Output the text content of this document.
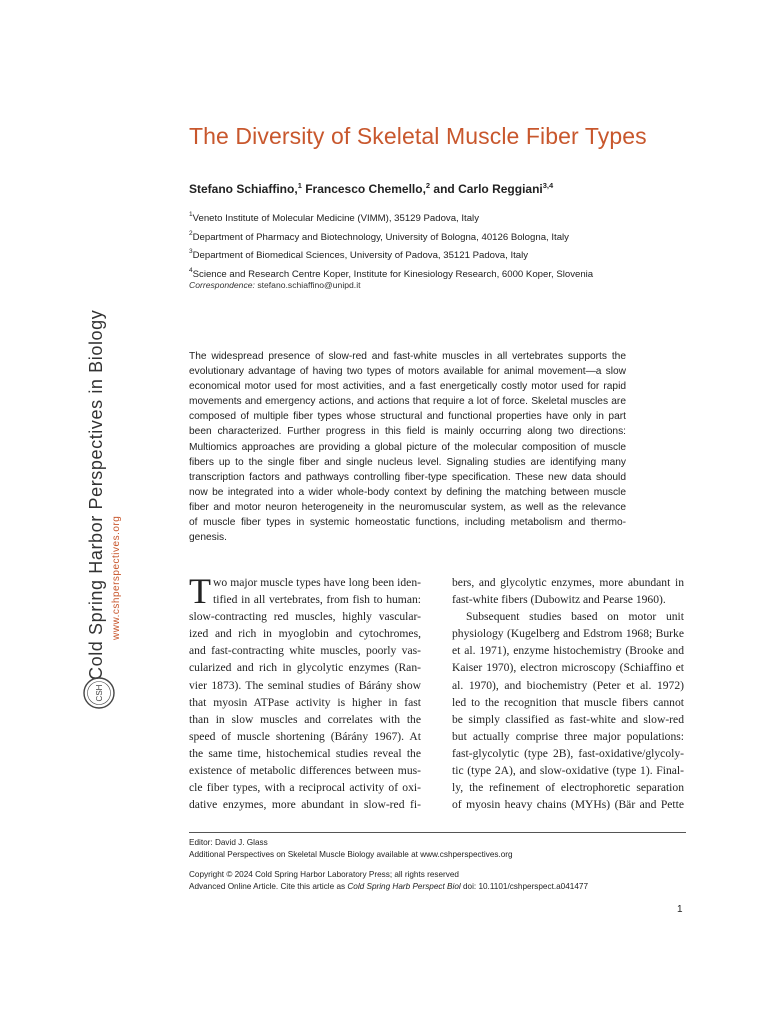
Cold Spring Harbor Perspectives in Biology www.cshperspectives.org
CSH
The Diversity of Skeletal Muscle Fiber Types
Stefano Schiaffino,$^1$ Francesco Chemello,$^2$ and Carlo Reggiani$^{3,4}$
$^1$Veneto Institute of Molecular Medicine (VIMM), 35129 Padova, Italy
$^2$Department of Pharmacy and Biotechnology, University of Bologna, 40126 Bologna, Italy
$^3$Department of Biomedical Sciences, University of Padova, 35121 Padova, Italy
$^4$Science and Research Centre Koper, Institute for Kinesiology Research, 6000 Koper, Slovenia
Correspondence: stefano.schiaffino@unipd.it
The widespread presence of slow-red and fast-white muscles in all vertebrates supports the
evolutionary advantage of having two types of motors available for animal movement—a slow
economical motor used for most activities, and a fast energetically costly motor used for rapid
movements and emergency actions, and actions that require a lot of force. Skeletal muscles are
composed of multiple fiber types whose structural and functional properties have only in part
been characterized. Further progress in this field is mainly occurring along two directions:
Multiomics approaches are providing a global picture of the molecular composition of muscle
fibers up to the single fiber and single nucleus level. Signaling studies are identifying many
transcription factors and pathways controlling fiber-type specification. These new data should
now be integrated into a wider whole-body context by defining the matching between muscle
fiber and motor neuron heterogeneity in the neuromuscular system, as well as the relevance
of muscle fiber types in systemic homeostatic functions, including metabolism and thermo-
genesis.
T wo major muscle types have long been iden-
tified in all vertebrates, from fish to human:
slow-contracting red muscles, highly vascular-
ized and rich in myoglobin and cytochromes,
and fast-contracting white muscles, poorly vas-
cularized and rich in glycolytic enzymes (Ran-
vier 1873). The seminal studies of Bárány show
that myosin ATPase activity is higher in fast
than in slow muscles and correlates with the
speed of muscle shortening (Bárány 1967). At
the same time, histochemical studies reveal the
existence of metabolic differences between mus-
cle fiber types, with a reciprocal activity of oxi-
dative enzymes, more abundant in slow-red fi-
bers, and glycolytic enzymes, more abundant in
fast-white fibers (Dubowitz and Pearse 1960).
Subsequent studies based on motor unit
physiology (Kugelberg and Edstrom 1968; Burke
et al. 1971), enzyme histochemistry (Brooke and
Kaiser 1970), electron microscopy (Schiaffino et
al. 1970), and biochemistry (Peter et al. 1972)
led to the recognition that muscle fibers cannot
be simply classified as fast-white and slow-red
but actually comprise three major populations:
fast-glycolytic (type 2B), fast-oxidative/glycoly-
tic (type 2A), and slow-oxidative (type 1). Final-
ly, the refinement of electrophoretic separation
of myosin heavy chains (MYHs) (Bär and Pette
Editor: David J. Glass
Additional Perspectives on Skeletal Muscle Biology available at www.cshperspectives.org
Copyright © 2024 Cold Spring Harbor Laboratory Press; all rights reserved
Advanced Online Article. Cite this article as Cold Spring Harb Perspect Biol doi: 10.1101/cshperspect.a041477
1
